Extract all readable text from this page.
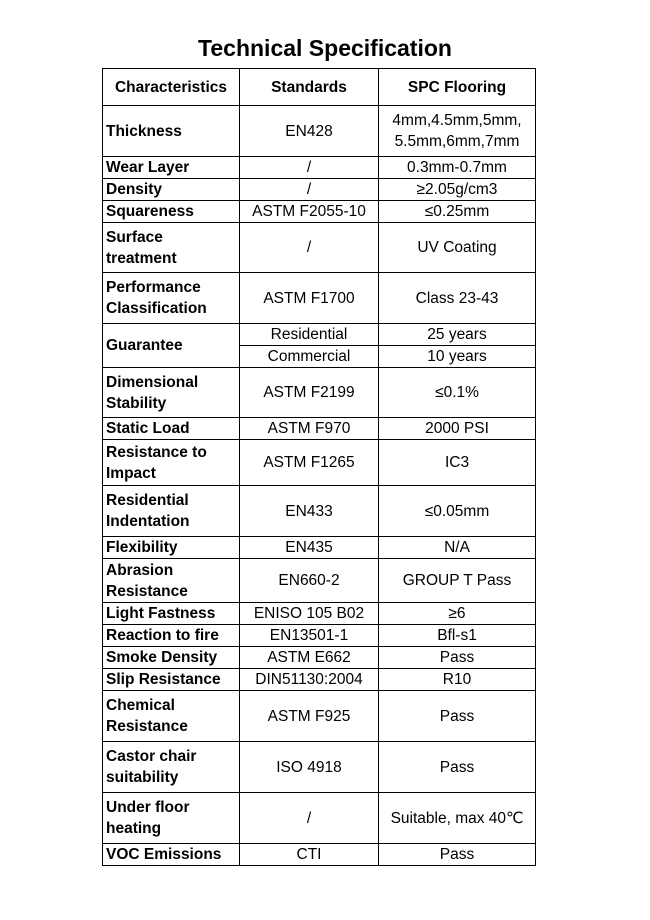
Technical Specification
Characteristics	Standards	SPC Flooring
Thickness	EN428	4mm,4.5mm,5mm,
5.5mm,6mm,7mm

Wear Layer	/	0.3mm-0.7mm
Density	/	≥2.05g/cm3
Squareness	ASTM F2055-10	≤0.25mm

Surface
treatment	/	UV Coating

Performance
Classification	ASTM F1700	Class 23-43
Guarantee	Residential	25 years
	Commercial	10 years

Dimensional
Stability	ASTM F2199	≤0.1%
Static Load	ASTM F970	2000 PSI

Resistance to
Impact	ASTM F1265	IC3

Residential
Indentation	EN433	≤0.05mm
Flexibility	EN435	N/A

Abrasion
Resistance	EN660-2	GROUP T Pass
Light Fastness	ENISO 105 B02	≥6
Reaction to fire	EN13501-1	Bfl-s1
Smoke Density	ASTM E662	Pass
Slip Resistance	DIN51130:2004	R10

Chemical
Resistance	ASTM F925	Pass

Castor chair
suitability	ISO 4918	Pass

Under floor
heating	/	Suitable, max 40℃
VOC Emissions	CTI	Pass
